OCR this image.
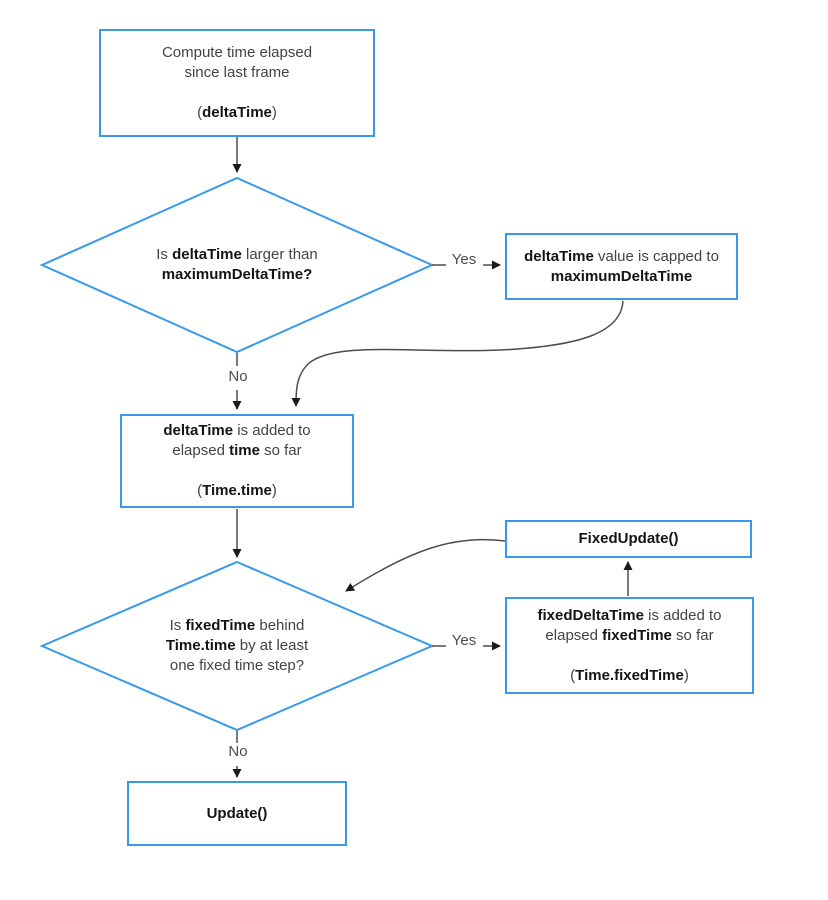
Compute time elapsed
since last frame

(deltaTime)
deltaTime value is capped to
maximumDeltaTime
deltaTime is added to
elapsed time so far

(Time.time)
FixedUpdate()
fixedDeltaTime is added to
elapsed fixedTime so far

(Time.fixedTime)
Update()
Is deltaTime larger than
maximumDeltaTime?
Is fixedTime behind
Time.time by at least
one fixed time step?
Yes
No
Yes
No
